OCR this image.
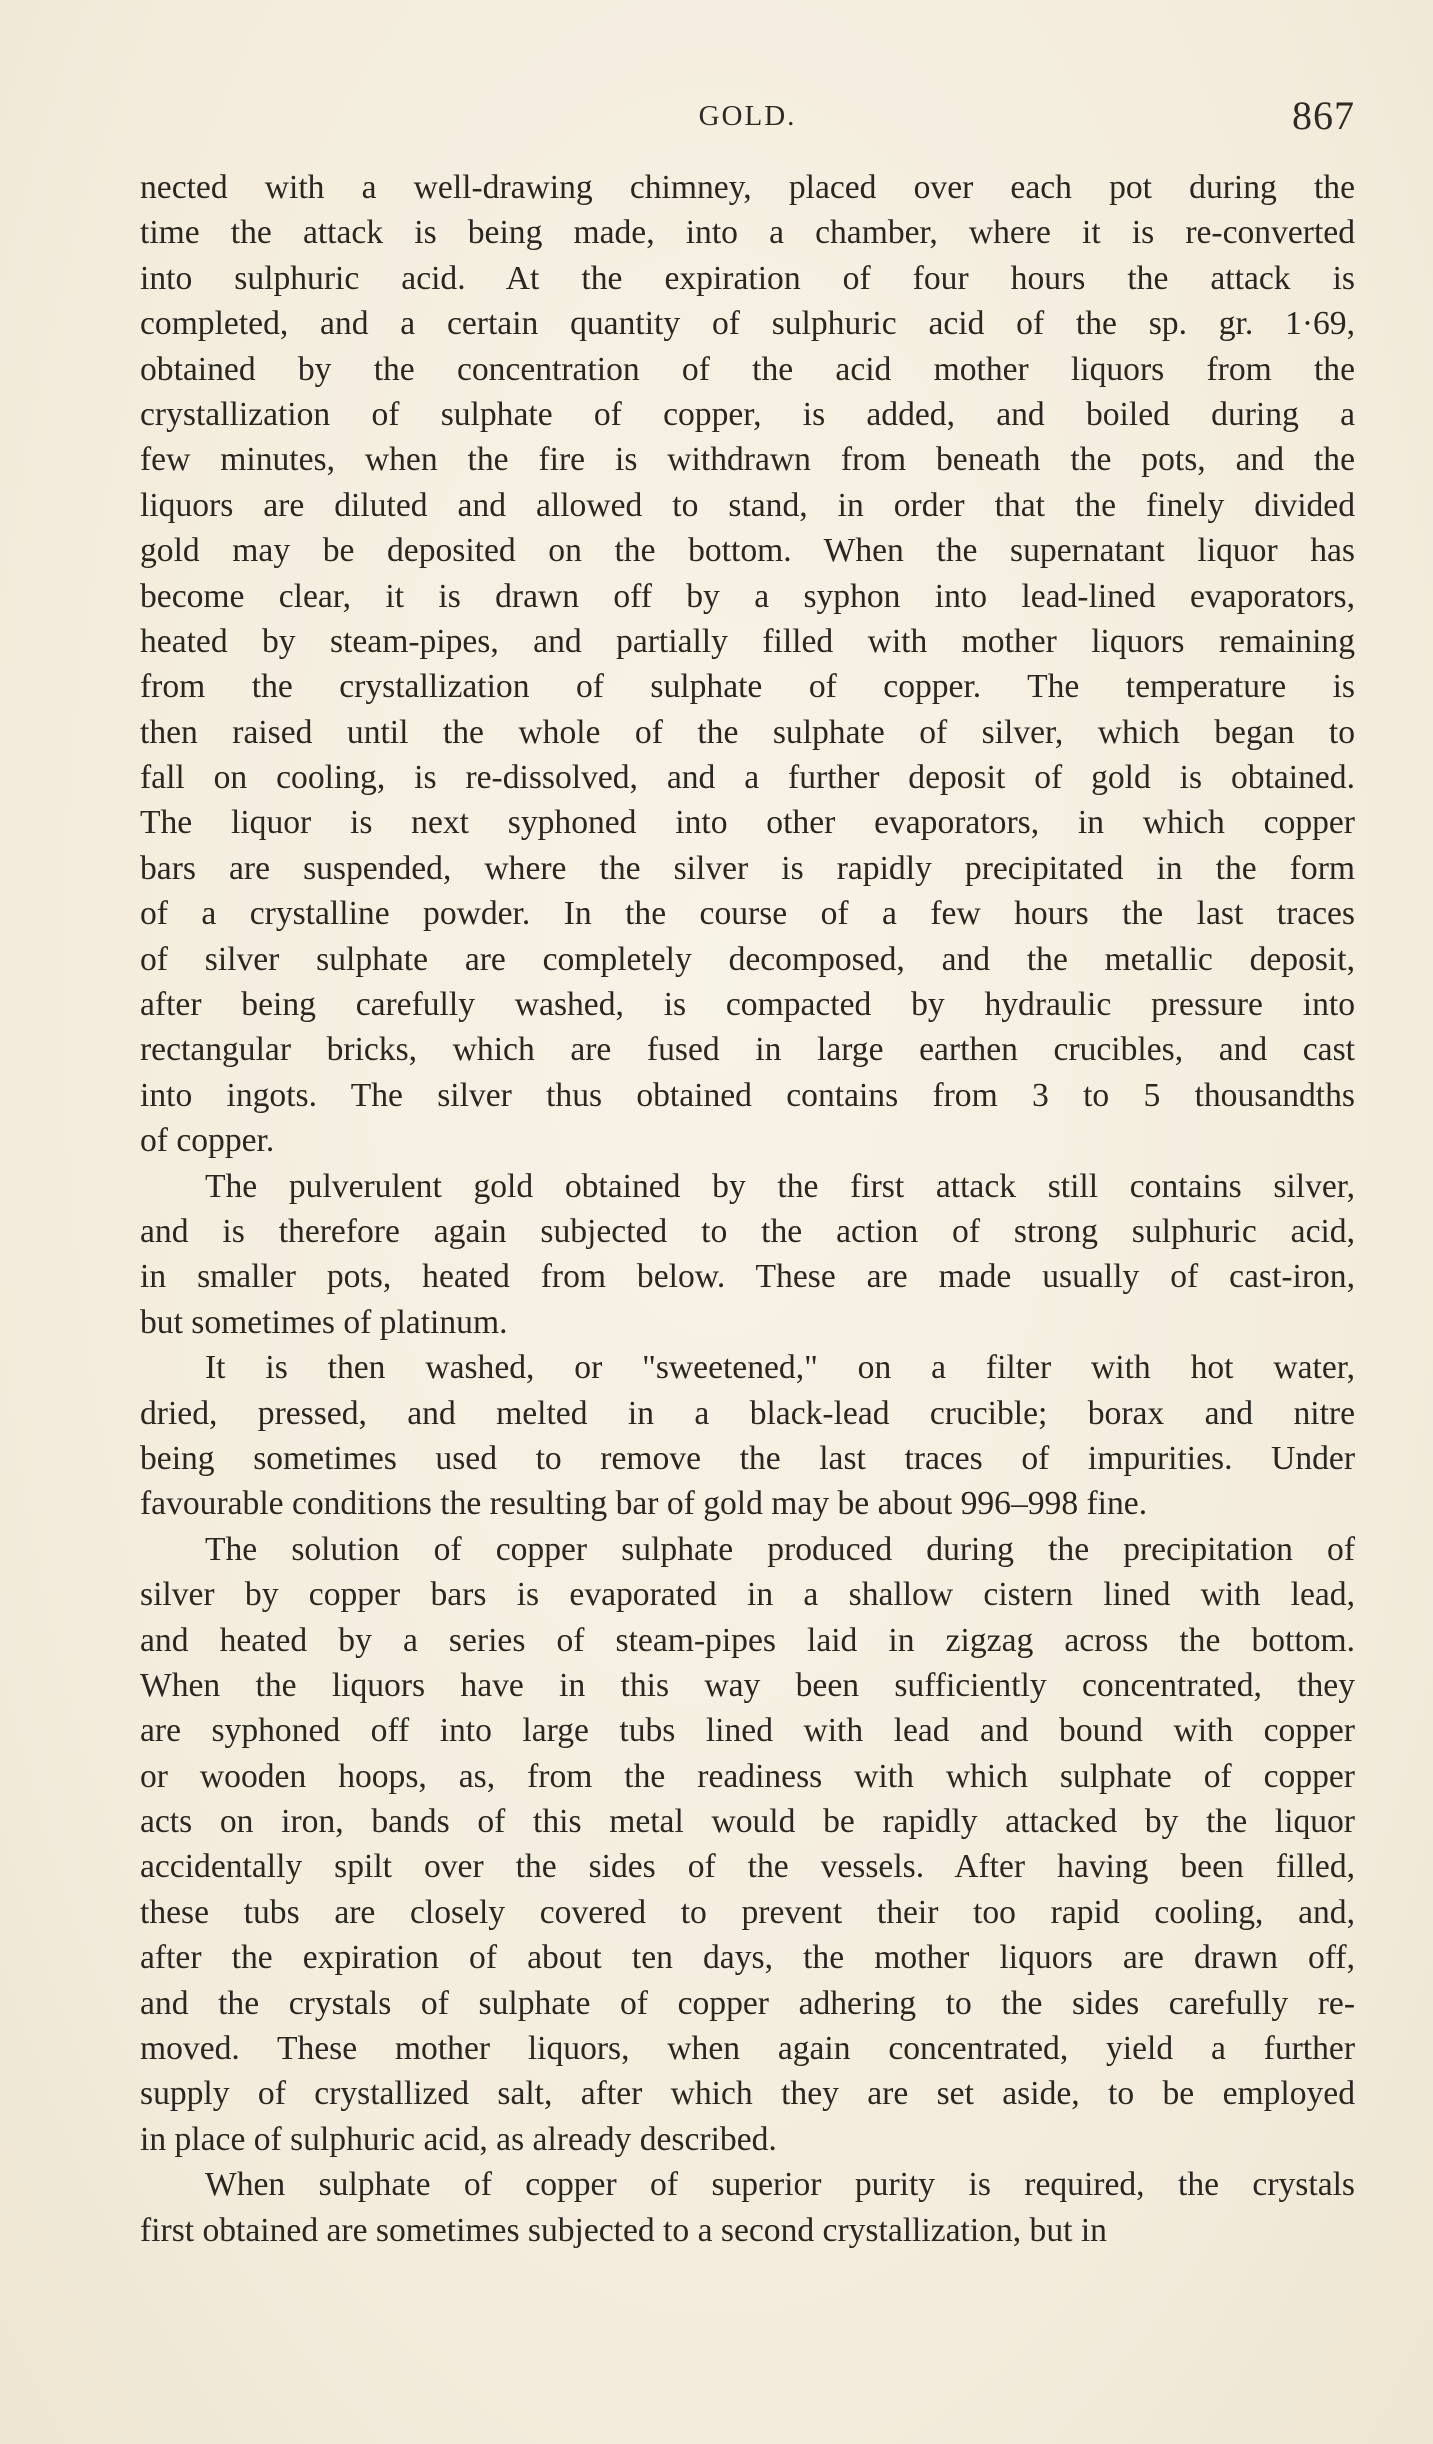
GOLD.	867
nected with a well-drawing chimney, placed over each pot during the
time the attack is being made, into a chamber, where it is re-converted
into sulphuric acid. At the expiration of four hours the attack is
completed, and a certain quantity of sulphuric acid of the sp. gr. 1·69,
obtained by the concentration of the acid mother liquors from the
crystallization of sulphate of copper, is added, and boiled during a
few minutes, when the fire is withdrawn from beneath the pots, and the
liquors are diluted and allowed to stand, in order that the finely divided
gold may be deposited on the bottom. When the supernatant liquor has
become clear, it is drawn off by a syphon into lead-lined evaporators,
heated by steam-pipes, and partially filled with mother liquors remaining
from the crystallization of sulphate of copper. The temperature is
then raised until the whole of the sulphate of silver, which began to
fall on cooling, is re-dissolved, and a further deposit of gold is obtained.
The liquor is next syphoned into other evaporators, in which copper
bars are suspended, where the silver is rapidly precipitated in the form
of a crystalline powder. In the course of a few hours the last traces
of silver sulphate are completely decomposed, and the metallic deposit,
after being carefully washed, is compacted by hydraulic pressure into
rectangular bricks, which are fused in large earthen crucibles, and cast
into ingots. The silver thus obtained contains from 3 to 5 thousandths
of copper.
The pulverulent gold obtained by the first attack still contains silver,
and is therefore again subjected to the action of strong sulphuric acid,
in smaller pots, heated from below. These are made usually of cast-iron,
but sometimes of platinum.
It is then washed, or "sweetened," on a filter with hot water,
dried, pressed, and melted in a black-lead crucible; borax and nitre
being sometimes used to remove the last traces of impurities. Under
favourable conditions the resulting bar of gold may be about 996–998 fine.
The solution of copper sulphate produced during the precipitation of
silver by copper bars is evaporated in a shallow cistern lined with lead,
and heated by a series of steam-pipes laid in zigzag across the bottom.
When the liquors have in this way been sufficiently concentrated, they
are syphoned off into large tubs lined with lead and bound with copper
or wooden hoops, as, from the readiness with which sulphate of copper
acts on iron, bands of this metal would be rapidly attacked by the liquor
accidentally spilt over the sides of the vessels. After having been filled,
these tubs are closely covered to prevent their too rapid cooling, and,
after the expiration of about ten days, the mother liquors are drawn off,
and the crystals of sulphate of copper adhering to the sides carefully re-
moved. These mother liquors, when again concentrated, yield a further
supply of crystallized salt, after which they are set aside, to be employed
in place of sulphuric acid, as already described.
When sulphate of copper of superior purity is required, the crystals
first obtained are sometimes subjected to a second crystallization, but in
